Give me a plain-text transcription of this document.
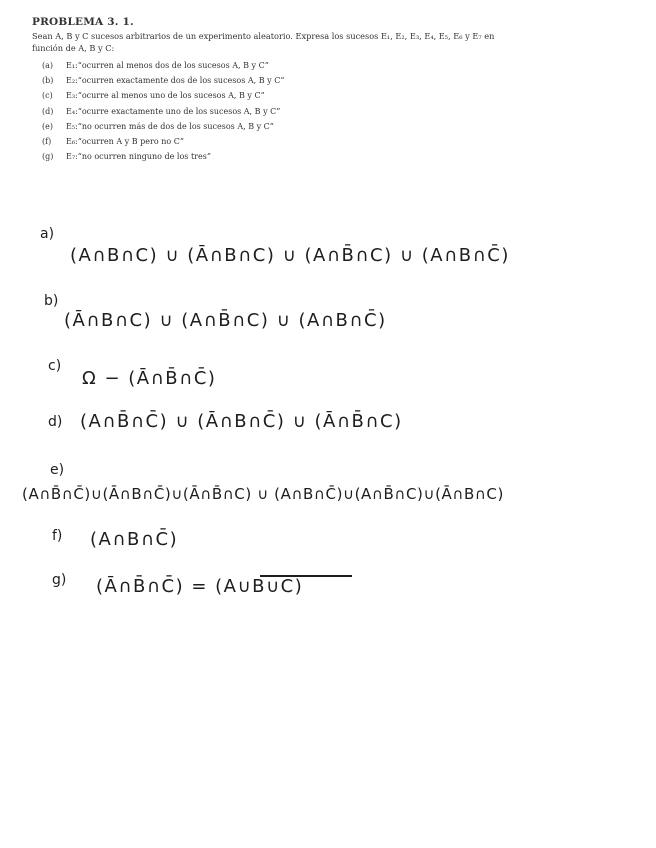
PROBLEMA 3. 1.
Sean A, B y C sucesos arbitrarios de un experimento aleatorio. Expresa los sucesos E₁, E₂, E₃, E₄, E₅, E₆ y E₇ en
función de A, B y C:
(a) E₁:“ocurren al menos dos de los sucesos A, B y C”
(b) E₂:“ocurren exactamente dos de los sucesos A, B y C”
(c) E₃:“ocurre al menos uno de los sucesos A, B y C”
(d) E₄:“ocurre exactamente uno de los sucesos A, B y C”
(e) E₅:“no ocurren más de dos de los sucesos A, B y C”
(f) E₆:“ocurren A y B pero no C”
(g) E₇:“no ocurren ninguno de los tres”
a)
(A∩B∩C) ∪ (Ā∩B∩C) ∪ (A∩B̄∩C) ∪ (A∩B∩C̄)
b)
(Ā∩B∩C) ∪ (A∩B̄∩C) ∪ (A∩B∩C̄)
c)
Ω − (Ā∩B̄∩C̄)
d) (A∩B̄∩C̄) ∪ (Ā∩B∩C̄) ∪ (Ā∩B̄∩C)
e)
(A∩B̄∩C̄)∪(Ā∩B∩C̄)∪(Ā∩B̄∩C) ∪ (A∩B∩C̄)∪(A∩B̄∩C)∪(Ā∩B∩C)
f) (A∩B∩C̄)
g) (Ā∩B̄∩C̄) = (A∪B∪C)
